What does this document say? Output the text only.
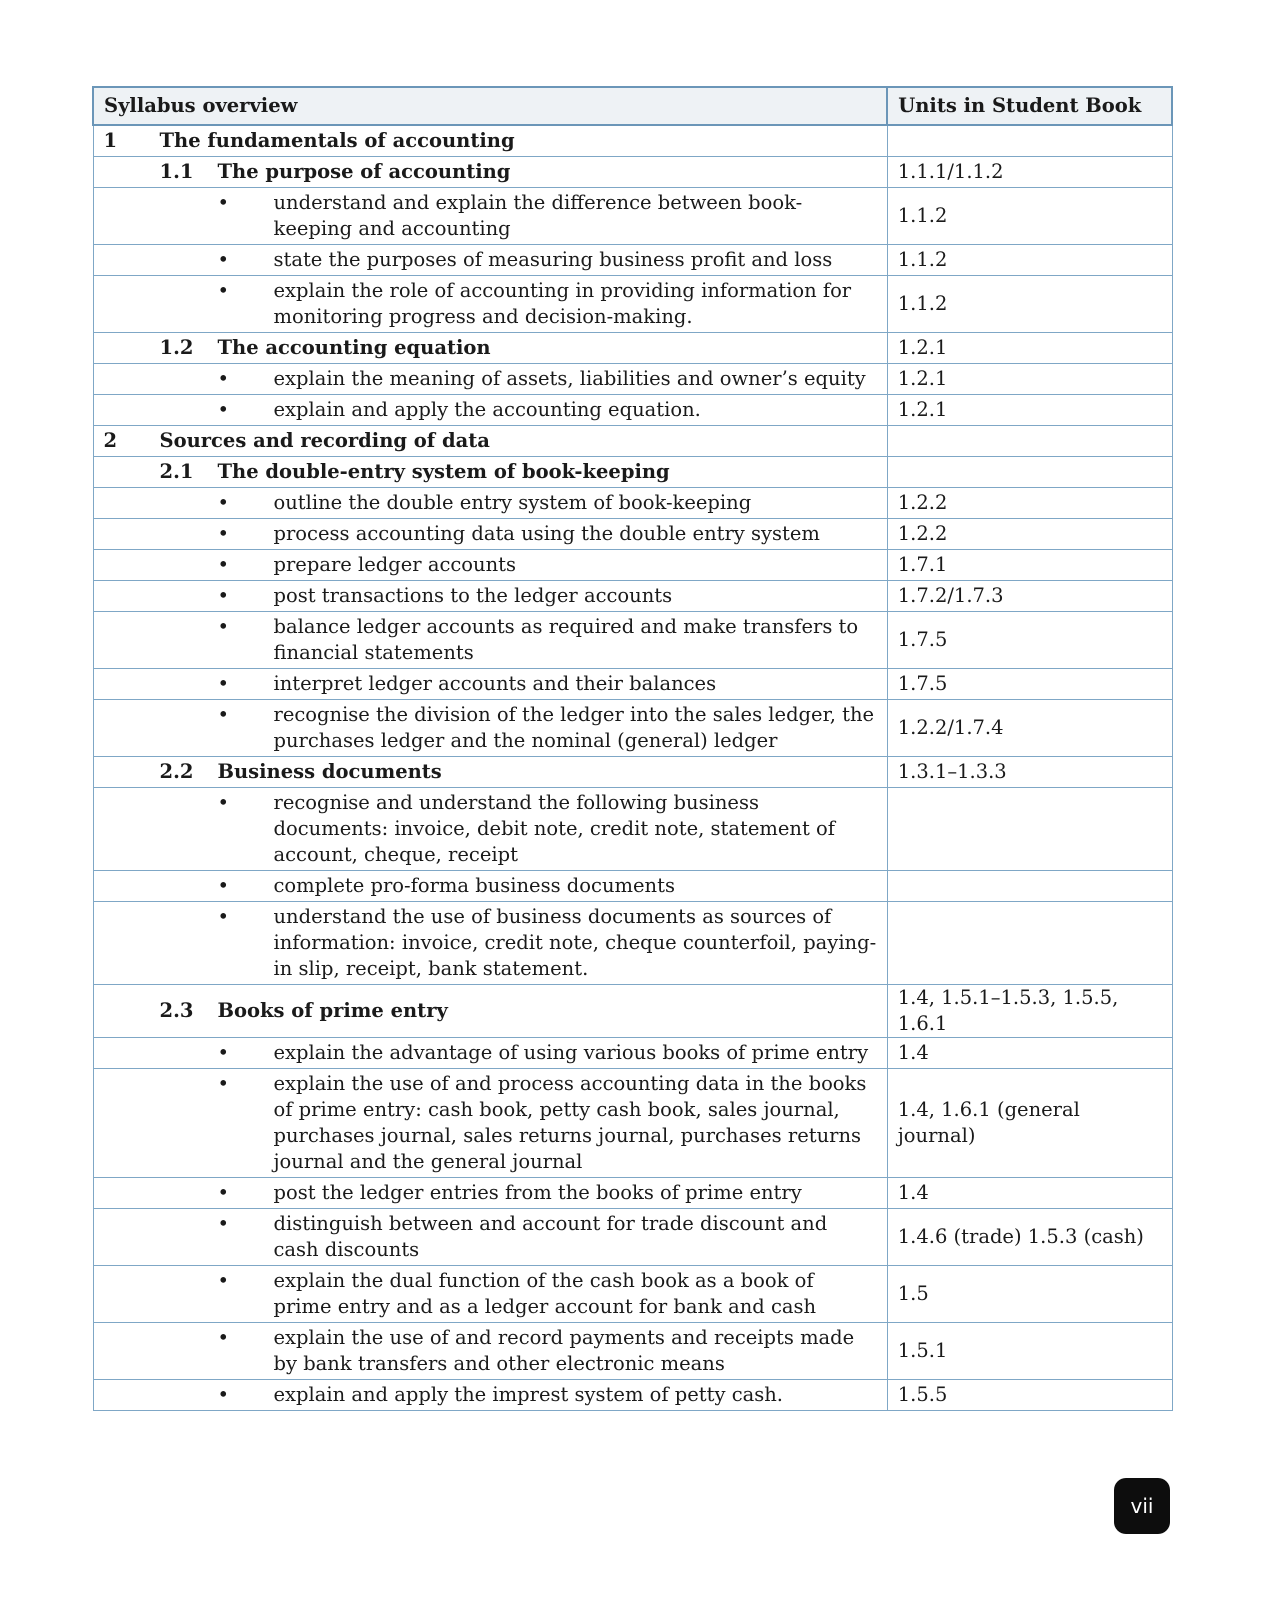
Syllabus overview	Units in Student Book
1 The fundamentals of accounting	

1.1 The purpose of accounting	1.1.1/1.1.2

• understand and explain the difference between book-keeping and accounting	1.1.2

• state the purposes of measuring business profit and loss	1.1.2

• explain the role of accounting in providing information for monitoring progress and decision-making.	1.1.2

1.2 The accounting equation	1.2.1

• explain the meaning of assets, liabilities and owner’s equity	1.2.1

• explain and apply the accounting equation.	1.2.1
2 Sources and recording of data	

2.1 The double-entry system of book-keeping	

• outline the double entry system of book-keeping	1.2.2

• process accounting data using the double entry system	1.2.2

• prepare ledger accounts	1.7.1

• post transactions to the ledger accounts	1.7.2/1.7.3

• balance ledger accounts as required and make transfers to financial statements	1.7.5

• interpret ledger accounts and their balances	1.7.5

• recognise the division of the ledger into the sales ledger, the purchases ledger and the nominal (general) ledger	1.2.2/1.7.4

2.2 Business documents	1.3.1–1.3.3

• recognise and understand the following business documents: invoice, debit note, credit note, statement of account, cheque, receipt	

• complete pro-forma business documents	

• understand the use of business documents as sources of information: invoice, credit note, cheque counterfoil, paying-in slip, receipt, bank statement.	

2.3 Books of prime entry	1.4, 1.5.1–1.5.3, 1.5.5, 1.6.1

• explain the advantage of using various books of prime entry	1.4

• explain the use of and process accounting data in the books of prime entry: cash book, petty cash book, sales journal, purchases journal, sales returns journal, purchases returns journal and the general journal	1.4, 1.6.1 (general journal)

• post the ledger entries from the books of prime entry	1.4

• distinguish between and account for trade discount and cash discounts	1.4.6 (trade) 1.5.3 (cash)

• explain the dual function of the cash book as a book of prime entry and as a ledger account for bank and cash	1.5

• explain the use of and record payments and receipts made by bank transfers and other electronic means	1.5.1

• explain and apply the imprest system of petty cash.	1.5.5
vii
